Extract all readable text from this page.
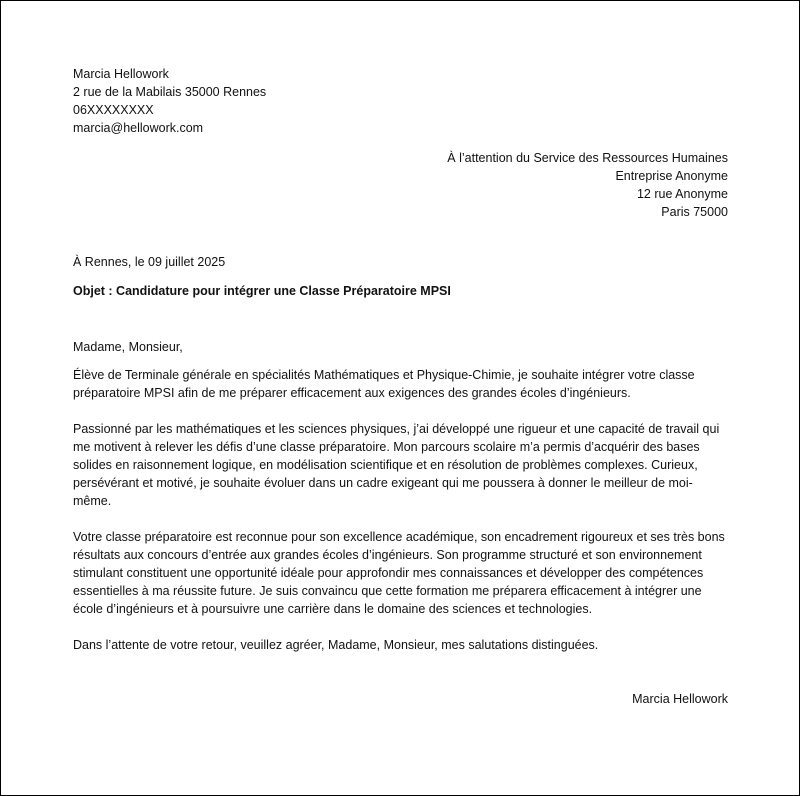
Marcia Hellowork
2 rue de la Mabilais 35000 Rennes
06XXXXXXXX
marcia@hellowork.com
À l’attention du Service des Ressources Humaines
Entreprise Anonyme
12 rue Anonyme
Paris 75000
À Rennes, le 09 juillet 2025
Objet : Candidature pour intégrer une Classe Préparatoire MPSI
Madame, Monsieur,

Élève de Terminale générale en spécialités Mathématiques et Physique-Chimie, je souhaite intégrer votre classe préparatoire MPSI afin de me préparer efficacement aux exigences des grandes écoles d’ingénieurs.

Passionné par les mathématiques et les sciences physiques, j’ai développé une rigueur et une capacité de travail qui me motivent à relever les défis d’une classe préparatoire. Mon parcours scolaire m’a permis d’acquérir des bases solides en raisonnement logique, en modélisation scientifique et en résolution de problèmes complexes. Curieux, persévérant et motivé, je souhaite évoluer dans un cadre exigeant qui me poussera à donner le meilleur de moi-même.

Votre classe préparatoire est reconnue pour son excellence académique, son encadrement rigoureux et ses très bons résultats aux concours d’entrée aux grandes écoles d’ingénieurs. Son programme structuré et son environnement stimulant constituent une opportunité idéale pour approfondir mes connaissances et développer des compétences essentielles à ma réussite future. Je suis convaincu que cette formation me préparera efficacement à intégrer une école d’ingénieurs et à poursuivre une carrière dans le domaine des sciences et technologies.

Dans l’attente de votre retour, veuillez agréer, Madame, Monsieur, mes salutations distinguées.

Marcia Hellowork
